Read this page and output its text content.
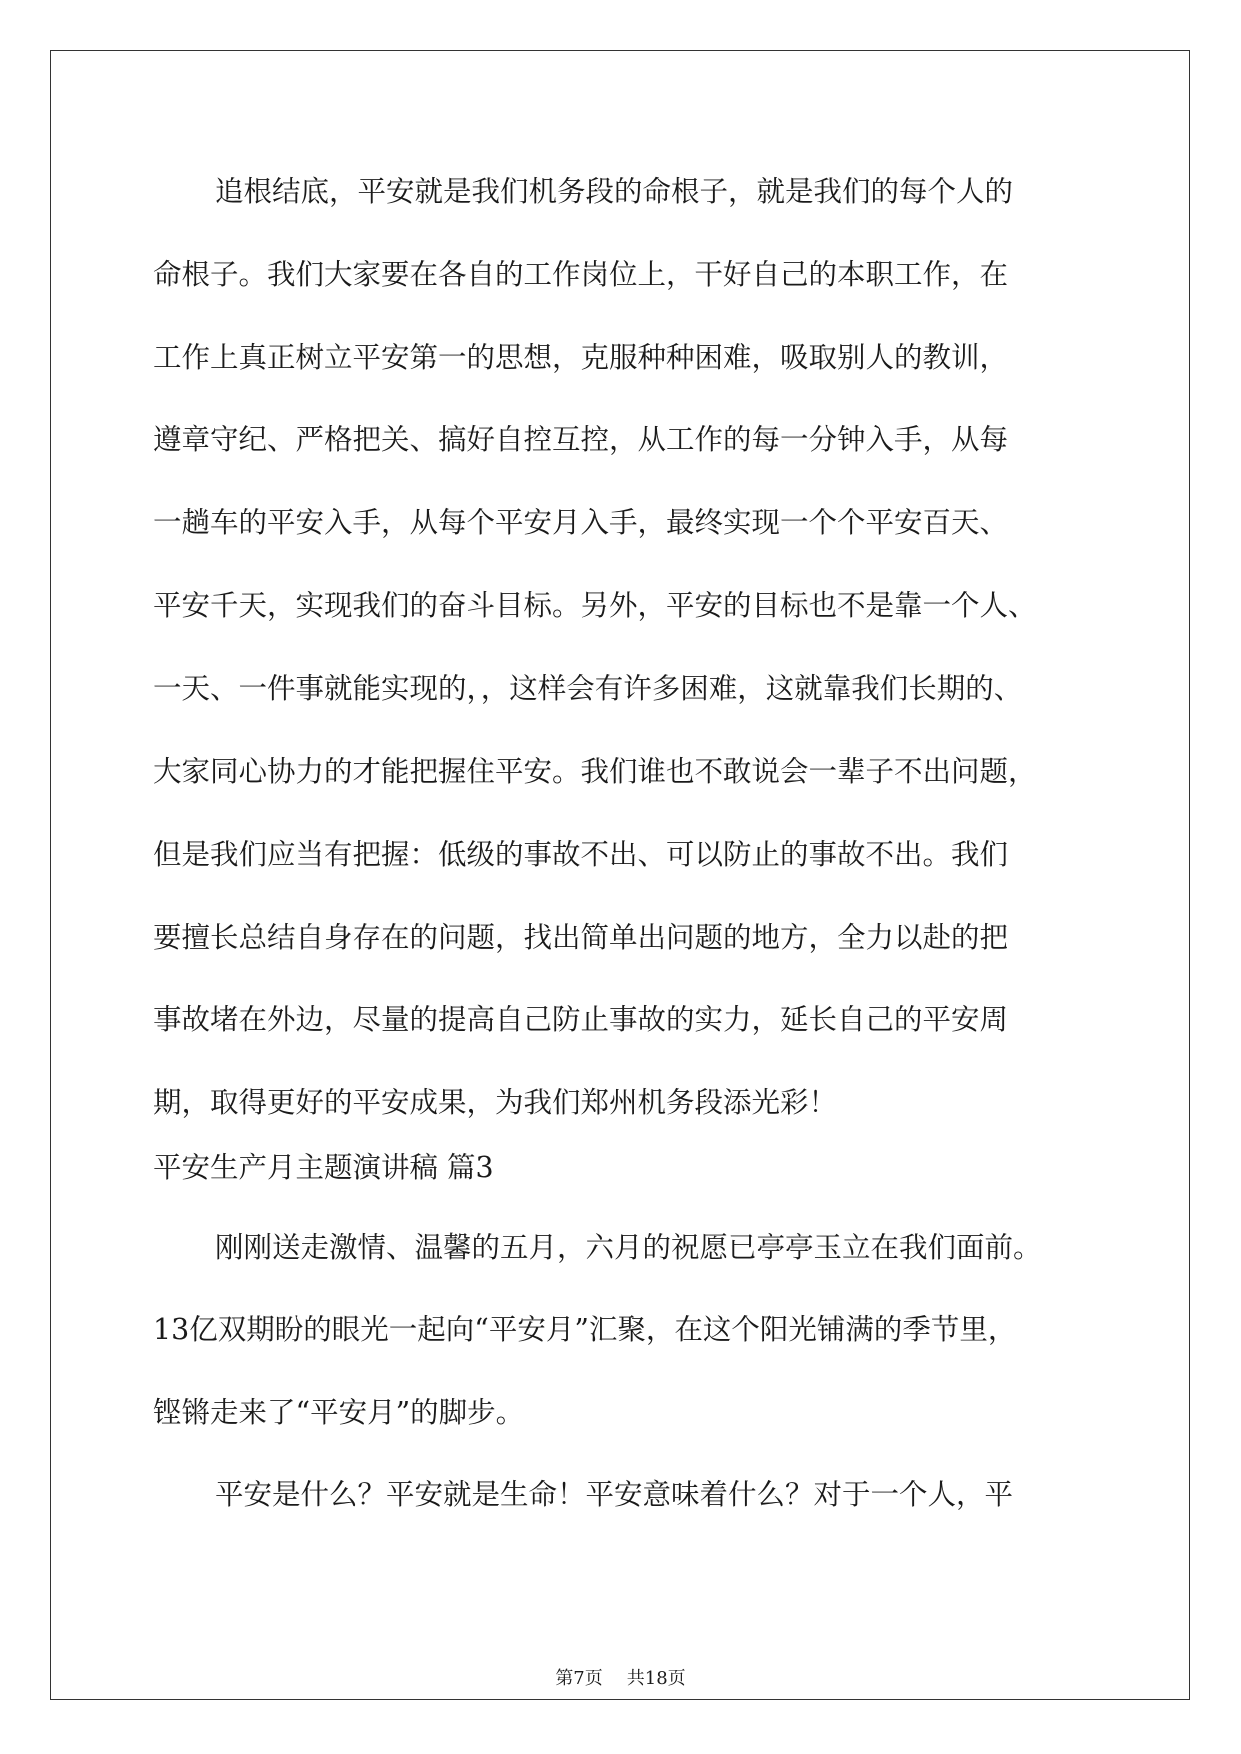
追根结底，平安就是我们机务段的命根子，就是我们的每个人的
命根子。我们大家要在各自的工作岗位上，干好自己的本职工作，在
工作上真正树立平安第一的思想，克服种种困难，吸取别人的教训，
遵章守纪、严格把关、搞好自控互控，从工作的每一分钟入手，从每
一趟车的平安入手，从每个平安月入手，最终实现一个个平安百天、
平安千天，实现我们的奋斗目标。另外，平安的目标也不是靠一个人、
一天、一件事就能实现的，，这样会有许多困难，这就靠我们长期的、
大家同心协力的才能把握住平安。我们谁也不敢说会一辈子不出问题，
但是我们应当有把握：低级的事故不出、可以防止的事故不出。我们
要擅长总结自身存在的问题，找出简单出问题的地方，全力以赴的把
事故堵在外边，尽量的提高自己防止事故的实力，延长自己的平安周
期，取得更好的平安成果，为我们郑州机务段添光彩！
平安生产月主题演讲稿 篇3
刚刚送走激情、温馨的五月，六月的祝愿已亭亭玉立在我们面前。
13亿双期盼的眼光一起向“平安月”汇聚，在这个阳光铺满的季节里，
铿锵走来了“平安月”的脚步。
平安是什么？平安就是生命！平安意味着什么？对于一个人，平
第7页 共18页
